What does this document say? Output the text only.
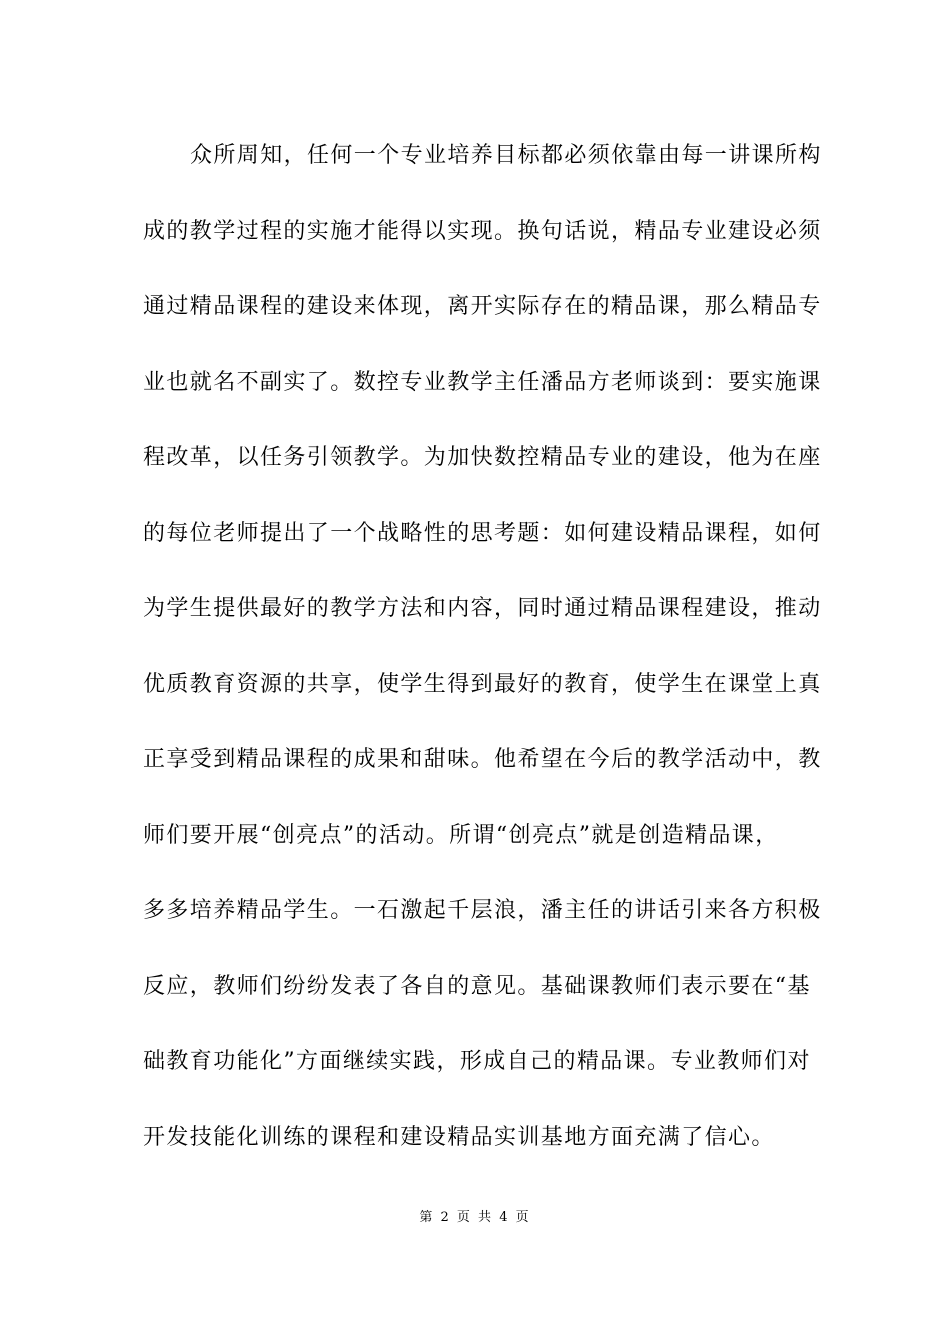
众所周知，任何一个专业培养目标都必须依靠由每一讲课所构
成的教学过程的实施才能得以实现。换句话说，精品专业建设必须
通过精品课程的建设来体现，离开实际存在的精品课，那么精品专
业也就名不副实了。数控专业教学主任潘品方老师谈到：要实施课
程改革，以任务引领教学。为加快数控精品专业的建设，他为在座
的每位老师提出了一个战略性的思考题：如何建设精品课程，如何
为学生提供最好的教学方法和内容，同时通过精品课程建设，推动
优质教育资源的共享，使学生得到最好的教育，使学生在课堂上真
正享受到精品课程的成果和甜味。他希望在今后的教学活动中，教
师们要开展“创亮点”的活动。所谓“创亮点”就是创造精品课，
多多培养精品学生。一石激起千层浪，潘主任的讲话引来各方积极
反应，教师们纷纷发表了各自的意见。基础课教师们表示要在“基
础教育功能化”方面继续实践，形成自己的精品课。专业教师们对
开发技能化训练的课程和建设精品实训基地方面充满了信心。
第 2 页 共 4 页
